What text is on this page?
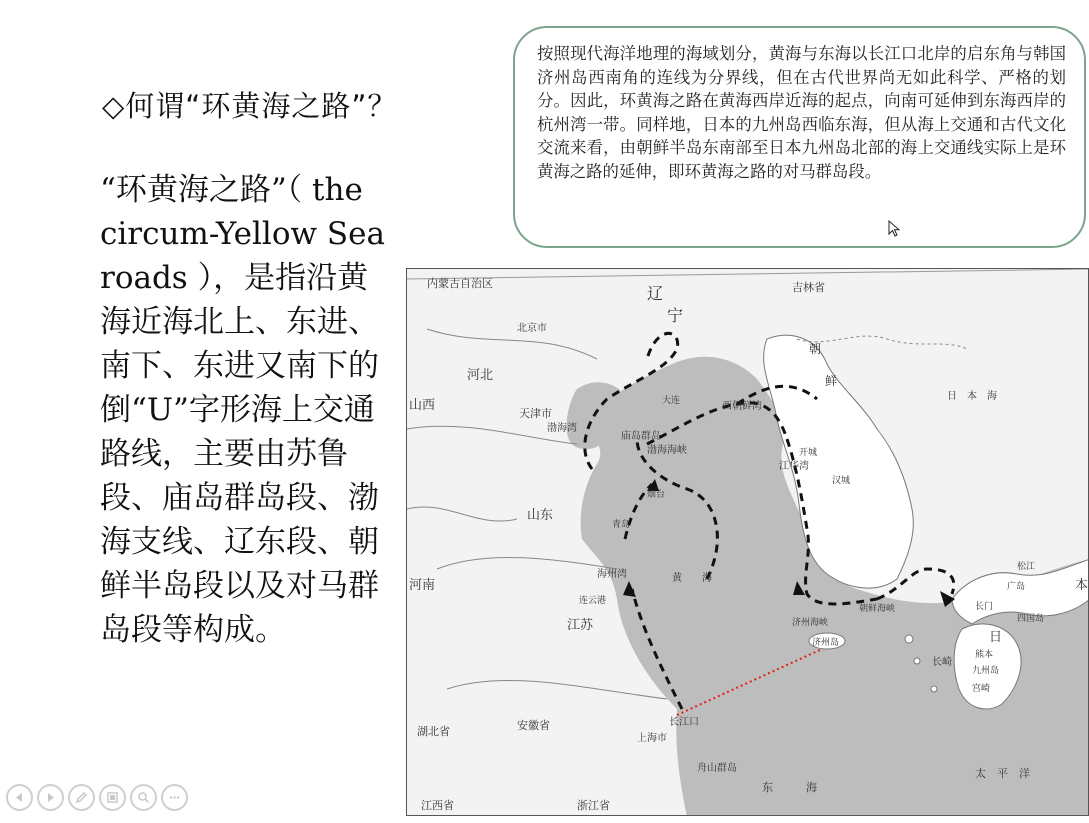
◇何谓“环黄海之路”？
“环黄海之路”（ the circum-Yellow Sea roads ），是指沿黄海近海北上、东进、南下、东进又南下的倒“U”字形海上交通路线，主要由苏鲁段、庙岛群岛段、渤海支线、辽东段、朝鲜半岛段以及对马群岛段等构成。
按照现代海洋地理的海域划分，黄海与东海以长江口北岸的启东角与韩国济州岛西南角的连线为分界线，但在古代世界尚无如此科学、严格的划分。因此，环黄海之路在黄海西岸近海的起点，向南可延伸到东海西岸的杭州湾一带。同样地，日本的九州岛西临东海，但从海上交通和古代文化交流来看，由朝鲜半岛东南部至日本九州岛北部的海上交通线实际上是环黄海之路的延伸，即环黄海之路的对马群岛段。
内蒙古自治区	吉林省
辽
宁
北京市
天津市
河北
山东
山西
河南
江苏
安徽省
湖北省
江西省	浙江省
上海市
渤海海峡
渤海湾
庙岛群岛
西朝鲜湾
江华湾
海州湾	黄　　海
东　　　海
日　本　海
太　平　洋
济州岛
济州海峡
朝鲜海峡
长江口
舟山群岛
长崎
熊本
九州岛
宫崎
四国岛
松江
广岛
长门
日
本
朝
鲜
开城
汉城
青岛
烟台
大连
连云港
